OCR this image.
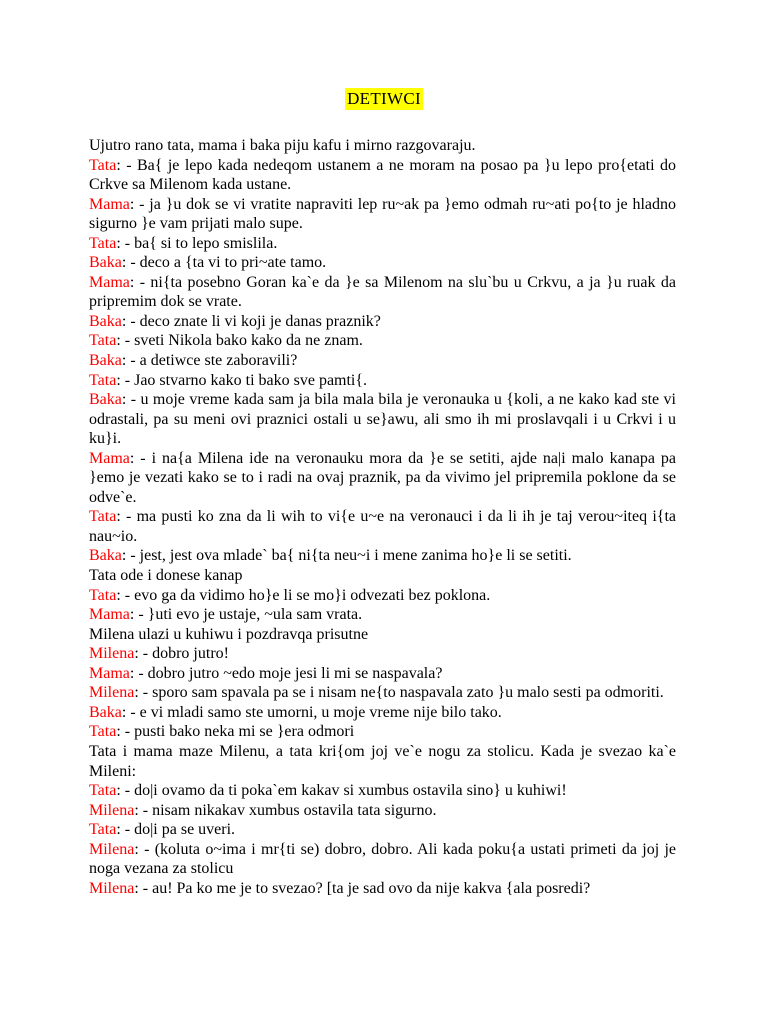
DETIWCI

Ujutro rano tata, mama i baka piju kafu i mirno razgovaraju.

Tata: - Ba{ je lepo kada nedeqom ustanem a ne moram na posao pa }u lepo pro{etati do Crkve sa Milenom kada ustane.

Mama: - ja }u dok se vi vratite napraviti lep ru~ak pa }emo odmah ru~ati po{to je hladno sigurno }e vam prijati malo supe.

Tata: - ba{ si to lepo smislila.

Baka: - deco a {ta vi to pri~ate tamo.

Mama: - ni{ta posebno Goran ka`e da }e sa Milenom na slu`bu u Crkvu, a ja }u ruak da pripremim dok se vrate.

Baka: - deco znate li vi koji je danas praznik?

Tata: - sveti Nikola bako kako da ne znam.

Baka: - a detiwce ste zaboravili?

Tata: - Jao stvarno kako ti bako sve pamti{.

Baka: - u moje vreme kada sam ja bila mala bila je veronauka u {koli, a ne kako kad ste vi odrastali, pa su meni ovi praznici ostali u se}awu, ali smo ih mi proslavqali i u Crkvi i u ku}i.

Mama: - i na{a Milena ide na veronauku mora da }e se setiti, ajde na|i malo kanapa pa }emo je vezati kako se to i radi na ovaj praznik, pa da vivimo jel pripremila poklone da se odve`e.

Tata: - ma pusti ko zna da li wih to vi{e u~e na veronauci i da li ih je taj verou~iteq i{ta nau~io.

Baka: - jest, jest ova mlade` ba{ ni{ta neu~i i mene zanima ho}e li se setiti.

Tata ode i donese kanap

Tata: - evo ga da vidimo ho}e li se mo}i odvezati bez poklona.

Mama: - }uti evo je ustaje, ~ula sam vrata.

Milena ulazi u kuhiwu i pozdravqa prisutne

Milena: - dobro jutro!

Mama: - dobro jutro ~edo moje jesi li mi se naspavala?

Milena: - sporo sam spavala pa se i nisam ne{to naspavala zato }u malo sesti pa odmoriti.

Baka: - e vi mladi samo ste umorni, u moje vreme nije bilo tako.

Tata: - pusti bako neka mi se }era odmori

Tata i mama maze Milenu, a tata kri{om joj ve`e nogu za stolicu. Kada je svezao ka`e Mileni:

Tata: - do|i ovamo da ti poka`em kakav si xumbus ostavila sino} u kuhiwi!

Milena: - nisam nikakav xumbus ostavila tata sigurno.

Tata: - do|i pa se uveri.

Milena: - (koluta o~ima i mr{ti se) dobro, dobro. Ali kada poku{a ustati primeti da joj je noga vezana za stolicu

Milena: - au! Pa ko me je to svezao? [ta je sad ovo da nije kakva {ala posredi?
